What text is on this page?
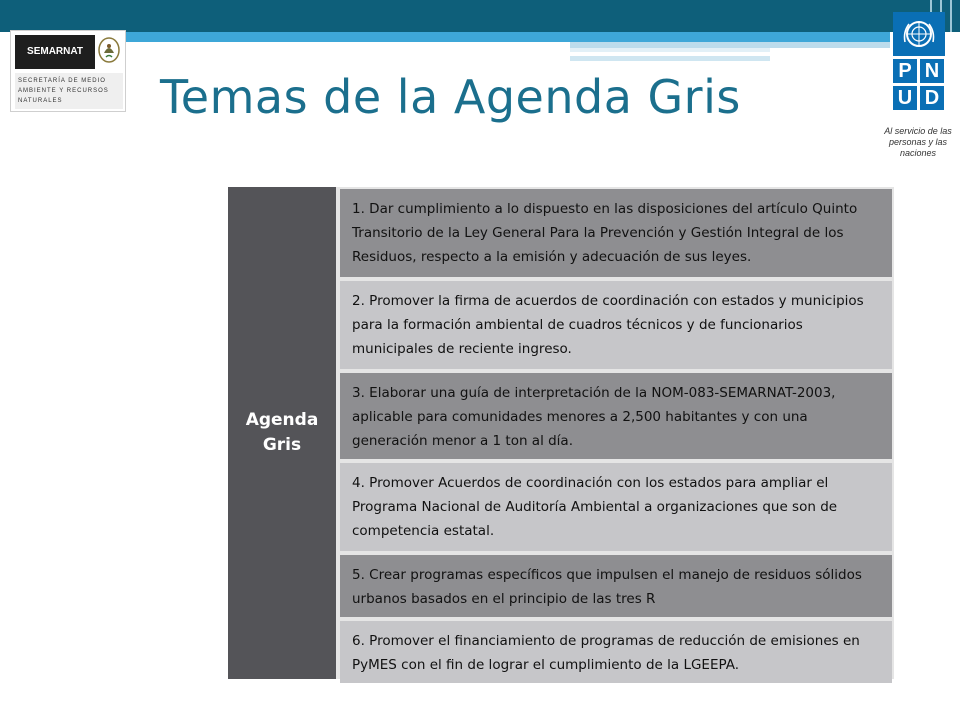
SEMARNAT
SECRETARÍA DE MEDIO AMBIENTE Y RECURSOS NATURALES	Temas de la Agenda Gris	P N
U D
Al servicio de las personas y las naciones
Agenda
Gris
1. Dar cumplimiento a lo dispuesto en las disposiciones del artículo Quinto Transitorio de la Ley General Para la Prevención y Gestión Integral de los Residuos, respecto a la emisión y adecuación de sus leyes.
2. Promover la firma de acuerdos de coordinación con estados y municipios para la formación ambiental de cuadros técnicos y de funcionarios municipales de reciente ingreso.
3. Elaborar una guía de interpretación de la NOM-083-SEMARNAT-2003, aplicable para comunidades menores a 2,500 habitantes y con una generación menor a 1 ton al día.
4. Promover Acuerdos de coordinación con los estados para ampliar el Programa Nacional de Auditoría Ambiental a organizaciones que son de competencia estatal.
5. Crear programas específicos que impulsen el manejo de residuos sólidos urbanos basados en el principio de las tres R
6. Promover el financiamiento de programas de reducción de emisiones en PyMES con el fin de lograr el cumplimiento de la LGEEPA.
